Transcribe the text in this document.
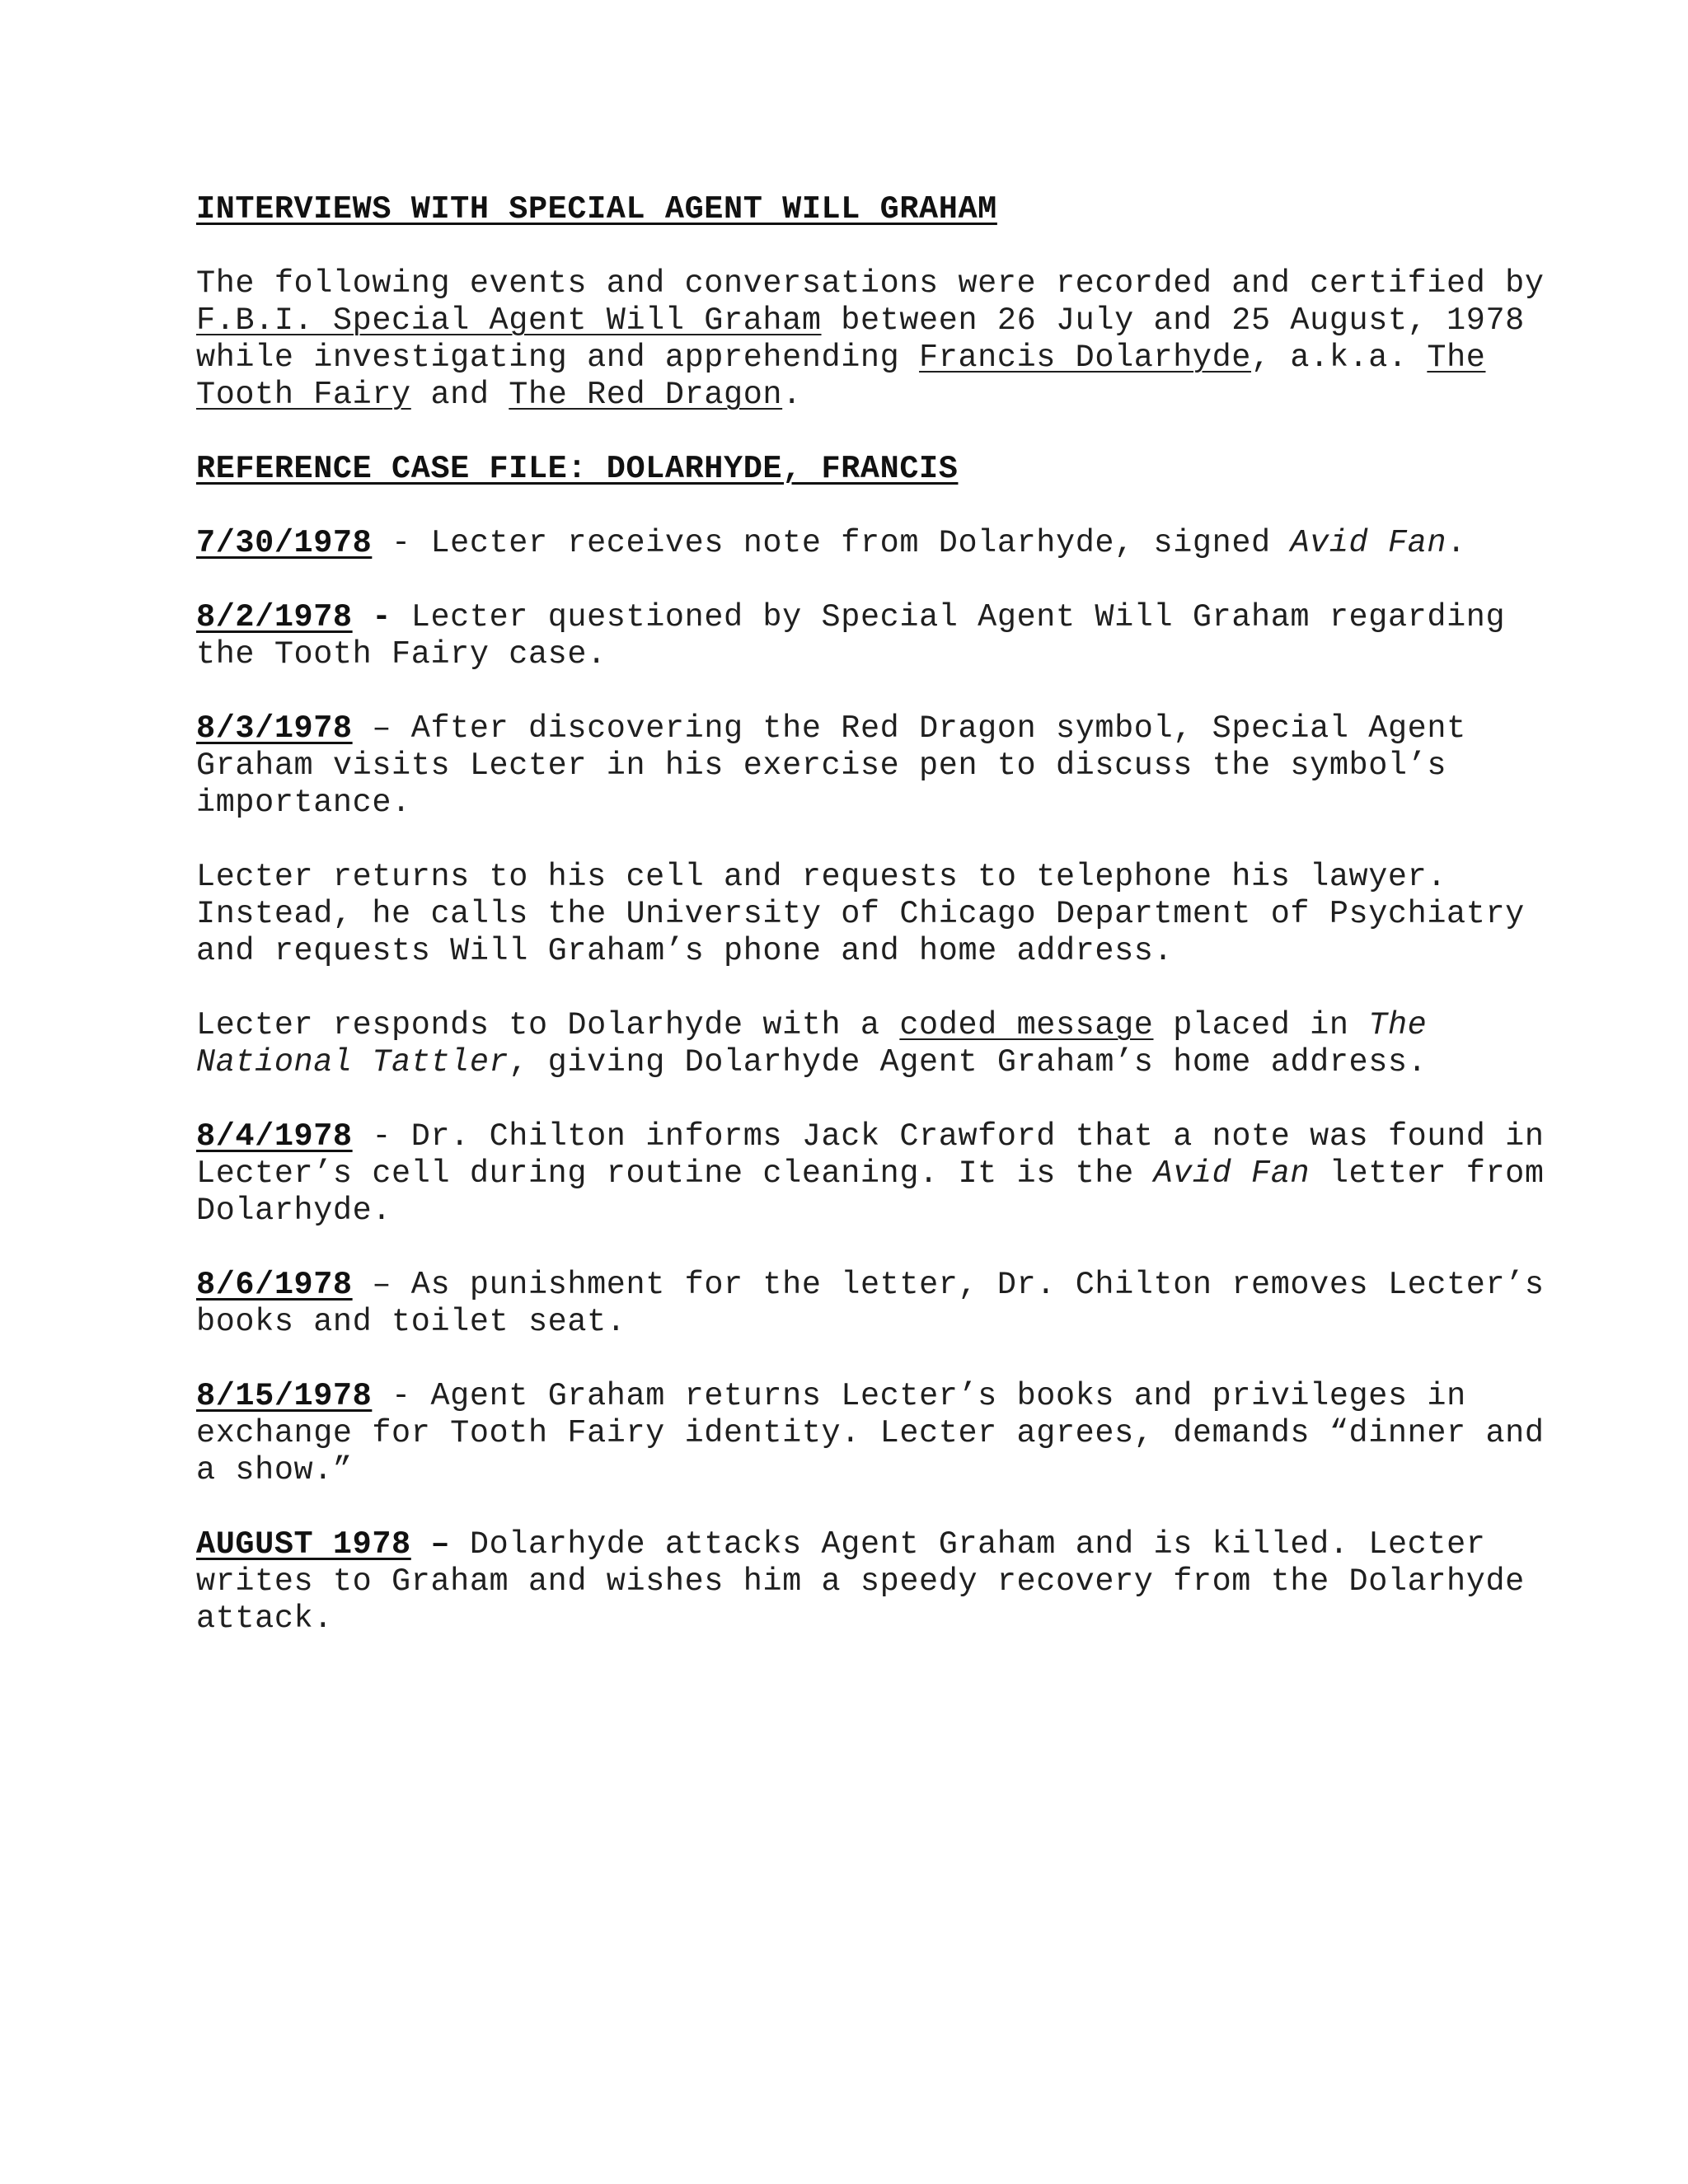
INTERVIEWS WITH SPECIAL AGENT WILL GRAHAM

The following events and conversations were recorded and certified by F.B.I. Special Agent Will Graham between 26 July and 25 August, 1978 while investigating and apprehending Francis Dolarhyde, a.k.a. The Tooth Fairy and The Red Dragon.

REFERENCE CASE FILE: DOLARHYDE, FRANCIS

7/30/1978 - Lecter receives note from Dolarhyde, signed Avid Fan.

8/2/1978 - Lecter questioned by Special Agent Will Graham regarding the Tooth Fairy case.

8/3/1978 – After discovering the Red Dragon symbol, Special Agent Graham visits Lecter in his exercise pen to discuss the symbol’s importance.

Lecter returns to his cell and requests to telephone his lawyer. Instead, he calls the University of Chicago Department of Psychiatry and requests Will Graham’s phone and home address.

Lecter responds to Dolarhyde with a coded message placed in The National Tattler, giving Dolarhyde Agent Graham’s home address.

8/4/1978 - Dr. Chilton informs Jack Crawford that a note was found in Lecter’s cell during routine cleaning. It is the Avid Fan letter from Dolarhyde.

8/6/1978 – As punishment for the letter, Dr. Chilton removes Lecter’s books and toilet seat.

8/15/1978 - Agent Graham returns Lecter’s books and privileges in exchange for Tooth Fairy identity. Lecter agrees, demands “dinner and a show.”

AUGUST 1978 – Dolarhyde attacks Agent Graham and is killed. Lecter writes to Graham and wishes him a speedy recovery from the Dolarhyde attack.
